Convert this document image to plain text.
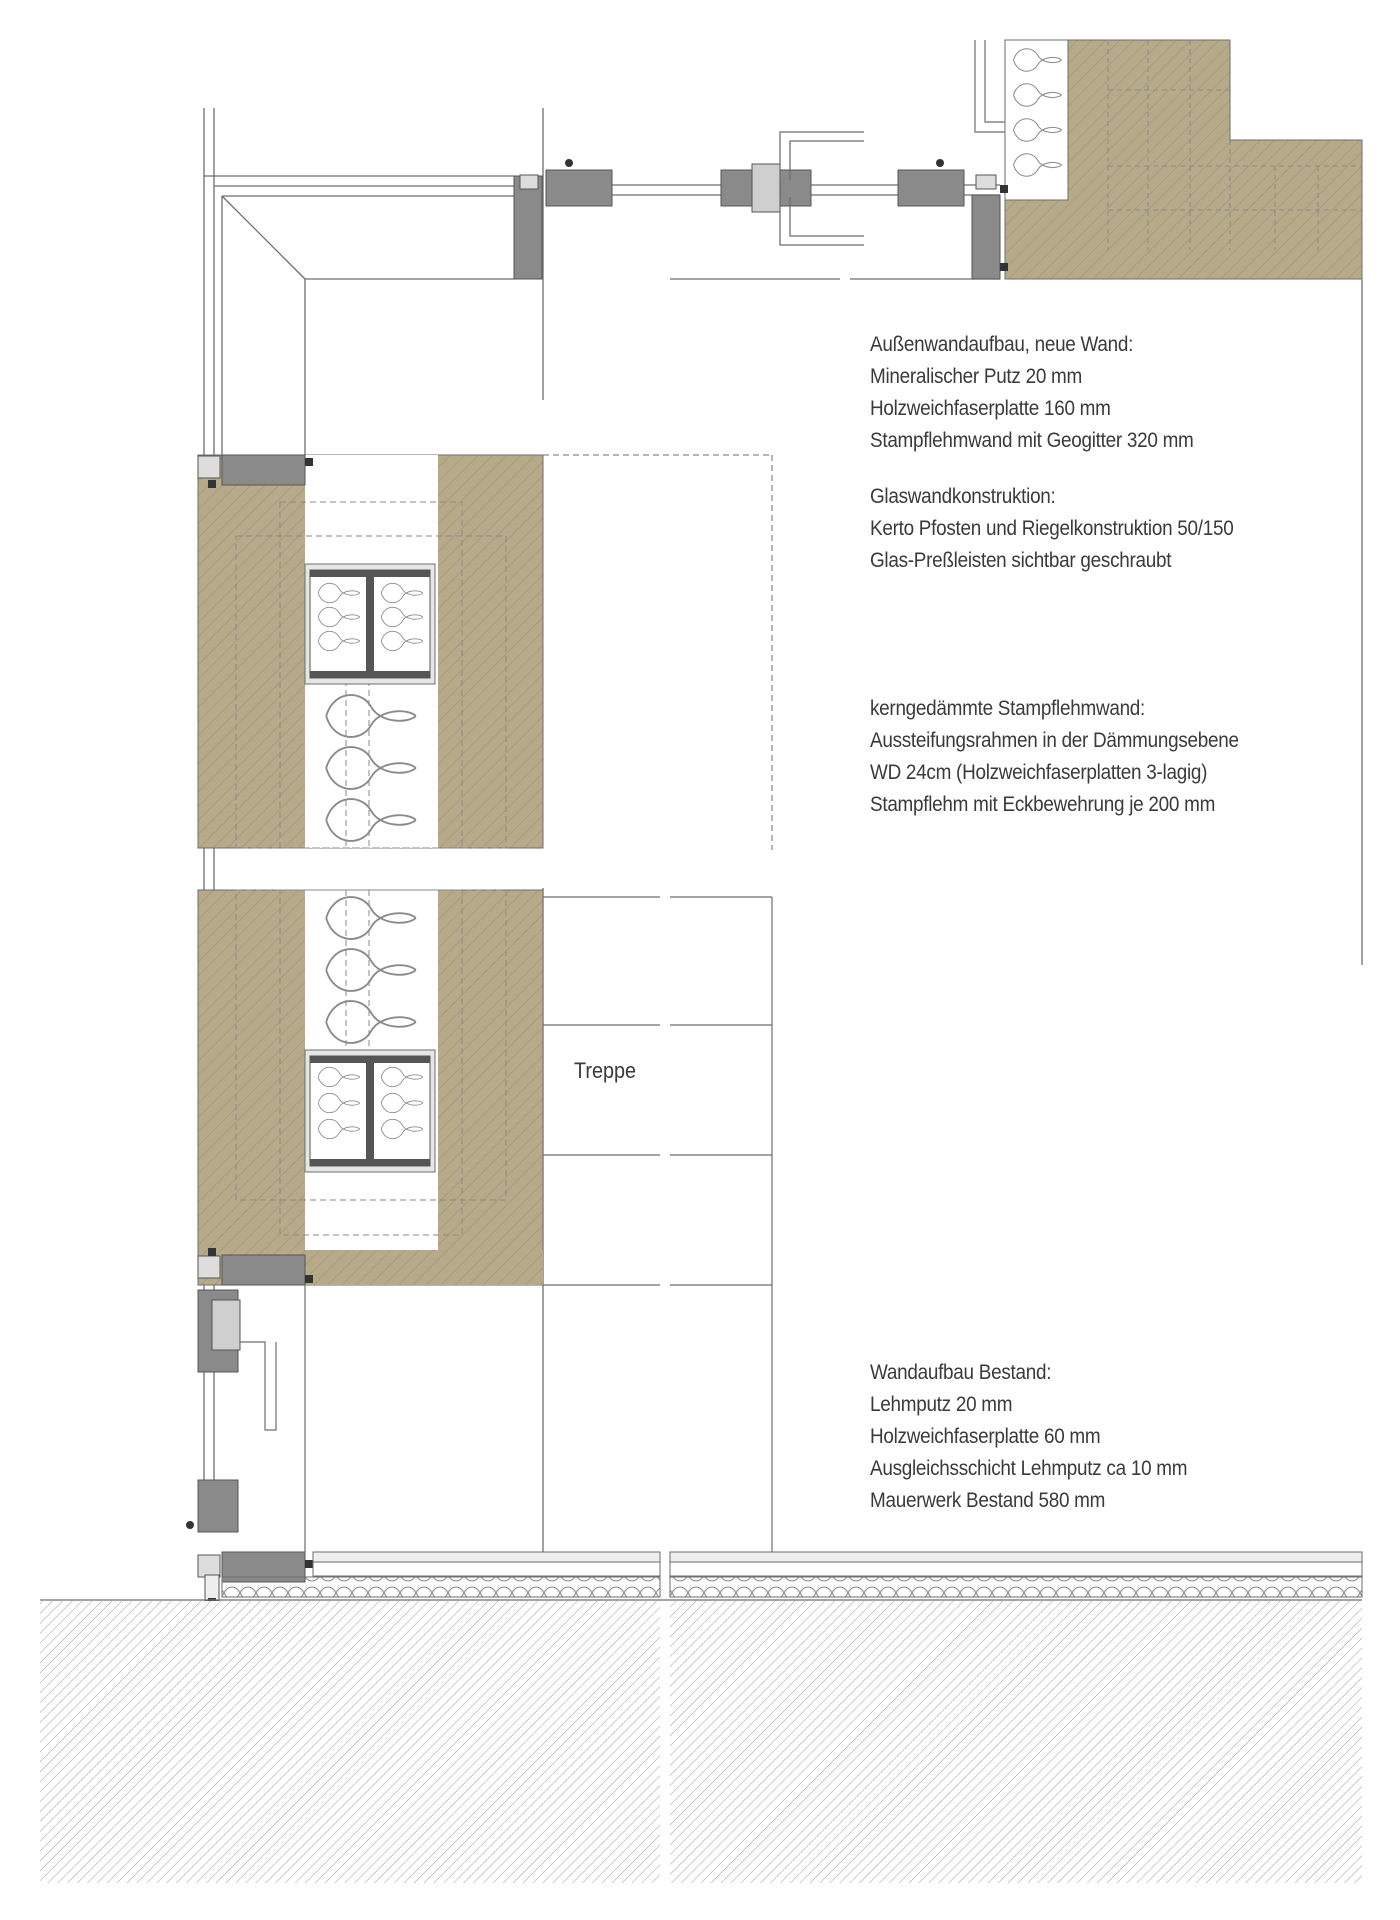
Außenwandaufbau, neue Wand:
Mineralischer Putz 20 mm
Holzweichfaserplatte 160 mm
Stampflehmwand mit Geogitter 320 mm
Glaswandkonstruktion:
Kerto Pfosten und Riegelkonstruktion 50/150
Glas-Preßleisten sichtbar geschraubt
kerngedämmte Stampflehmwand:
Aussteifungsrahmen in der Dämmungsebene
WD 24cm (Holzweichfaserplatten 3-lagig)
Stampflehm mit Eckbewehrung je 200 mm
Wandaufbau Bestand:
Lehmputz 20 mm
Holzweichfaserplatte 60 mm
Ausgleichsschicht Lehmputz ca 10 mm
Mauerwerk Bestand 580 mm
Treppe
